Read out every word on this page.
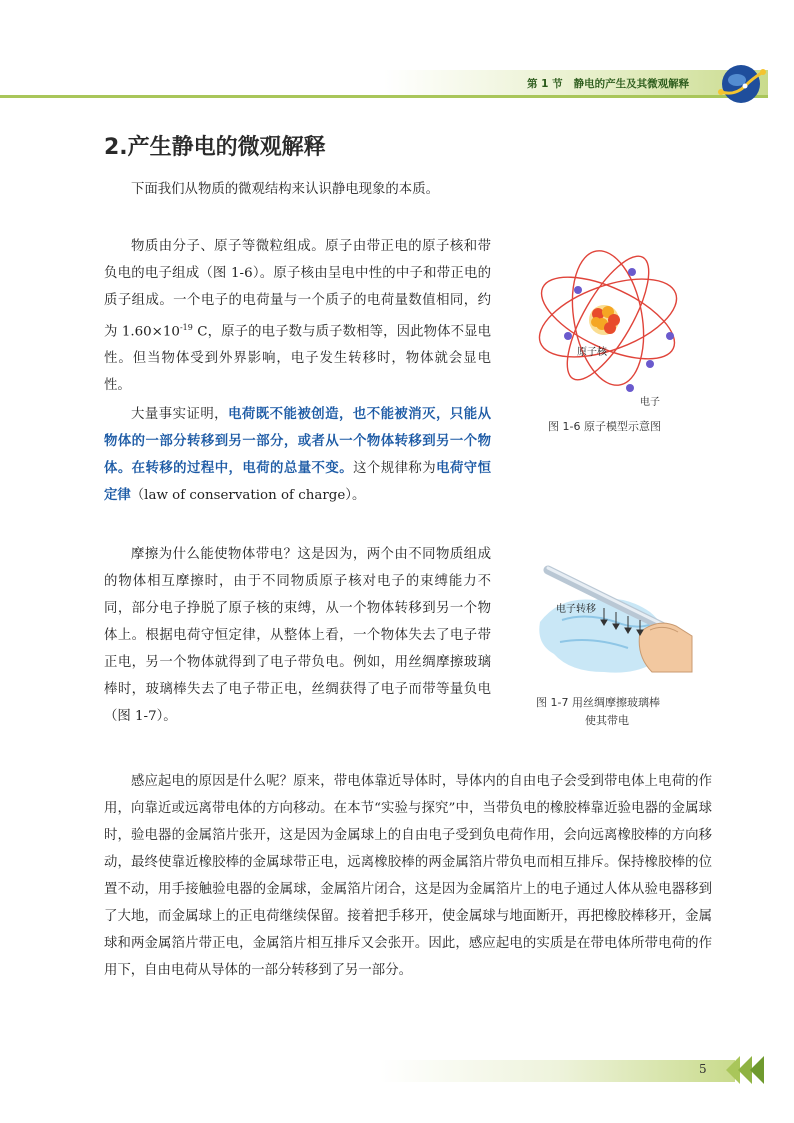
第 1 节 静电的产生及其微观解释
2.产生静电的微观解释

下面我们从物质的微观结构来认识静电现象的本质。

物质由分子、原子等微粒组成。原子由带正电的原子核和带负电的电子组成（图 1-6）。原子核由呈电中性的中子和带正电的质子组成。一个电子的电荷量与一个质子的电荷量数值相同，约为 $1.60\times 10^{-19}$ C，原子的电子数与质子数相等，因此物体不显电性。但当物体受到外界影响，电子发生转移时，物体就会显电性。

大量事实证明，电荷既不能被创造，也不能被消灭，只能从物体的一部分转移到另一部分，或者从一个物体转移到另一个物体。在转移的过程中，电荷的总量不变。这个规律称为电荷守恒定律（law of conservation of charge）。

摩擦为什么能使物体带电？这是因为，两个由不同物质组成的物体相互摩擦时，由于不同物质原子核对电子的束缚能力不同，部分电子挣脱了原子核的束缚，从一个物体转移到另一个物体上。根据电荷守恒定律，从整体上看，一个物体失去了电子带正电，另一个物体就得到了电子带负电。例如，用丝绸摩擦玻璃棒时，玻璃棒失去了电子带正电，丝绸获得了电子而带等量负电（图 1-7）。

感应起电的原因是什么呢？原来，带电体靠近导体时，导体内的自由电子会受到带电体上电荷的作用，向靠近或远离带电体的方向移动。在本节“实验与探究”中，当带负电的橡胶棒靠近验电器的金属球时，验电器的金属箔片张开，这是因为金属球上的自由电子受到负电荷作用，会向远离橡胶棒的方向移动，最终使靠近橡胶棒的金属球带正电，远离橡胶棒的两金属箔片带负电而相互排斥。保持橡胶棒的位置不动，用手接触验电器的金属球，金属箔片闭合，这是因为金属箔片上的电子通过人体从验电器移到了大地，而金属球上的正电荷继续保留。接着把手移开，使金属球与地面断开，再把橡胶棒移开，金属球和两金属箔片带正电，金属箔片相互排斥又会张开。因此，感应起电的实质是在带电体所带电荷的作用下，自由电荷从导体的一部分转移到了另一部分。

原子核
电子
图 1-6 原子模型示意图
电子转移
图 1-7 用丝绸摩擦玻璃棒
使其带电
5
